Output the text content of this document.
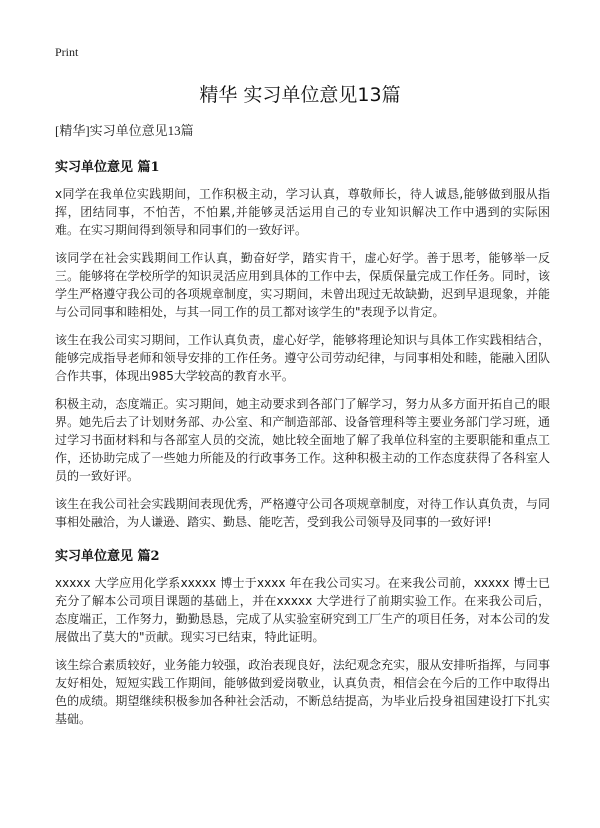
Print
精华 实习单位意见13篇

[精华]实习单位意见13篇

实习单位意见 篇1

x同学在我单位实践期间，工作积极主动，学习认真，尊敬师长，待人诚恳,能够做到服从指挥，团结同事，不怕苦，不怕累,并能够灵活运用自己的专业知识解决工作中遇到的实际困难。在实习期间得到领导和同事们的一致好评。

该同学在社会实践期间工作认真，勤奋好学，踏实肯干，虚心好学。善于思考，能够举一反三。能够将在学校所学的知识灵活应用到具体的工作中去，保质保量完成工作任务。同时，该学生严格遵守我公司的各项规章制度，实习期间，未曾出现过无故缺勤，迟到早退现象，并能与公司同事和睦相处，与其一同工作的员工都对该学生的"表现予以肯定。

该生在我公司实习期间，工作认真负责，虚心好学，能够将理论知识与具体工作实践相结合，能够完成指导老师和领导安排的工作任务。遵守公司劳动纪律，与同事相处和睦，能融入团队合作共事，体现出985大学较高的教育水平。

积极主动，态度端正。实习期间，她主动要求到各部门了解学习，努力从多方面开拓自己的眼界。她先后去了计划财务部、办公室、和产制造部部、设备管理科等主要业务部门学习班，通过学习书面材料和与各部室人员的交流，她比较全面地了解了我单位科室的主要职能和重点工作，还协助完成了一些她力所能及的行政事务工作。这种积极主动的工作态度获得了各科室人员的一致好评。

该生在我公司社会实践期间表现优秀，严格遵守公司各项规章制度，对待工作认真负责，与同事相处融洽，为人谦逊、踏实、勤恳、能吃苦，受到我公司领导及同事的一致好评!

实习单位意见 篇2

xxxxx 大学应用化学系xxxxx 博士于xxxx 年在我公司实习。在来我公司前，xxxxx 博士已充分了解本公司项目课题的基础上，并在xxxxx 大学进行了前期实验工作。在来我公司后，态度端正，工作努力，勤勤恳恳，完成了从实验室研究到工厂生产的项目任务，对本公司的发展做出了莫大的"贡献。现实习已结束，特此证明。

该生综合素质较好，业务能力较强，政治表现良好，法纪观念充实，服从安排听指挥，与同事友好相处，短短实践工作期间，能够做到爱岗敬业，认真负责，相信会在今后的工作中取得出色的成绩。期望继续积极参加各种社会活动，不断总结提高，为毕业后投身祖国建设打下扎实基础。
